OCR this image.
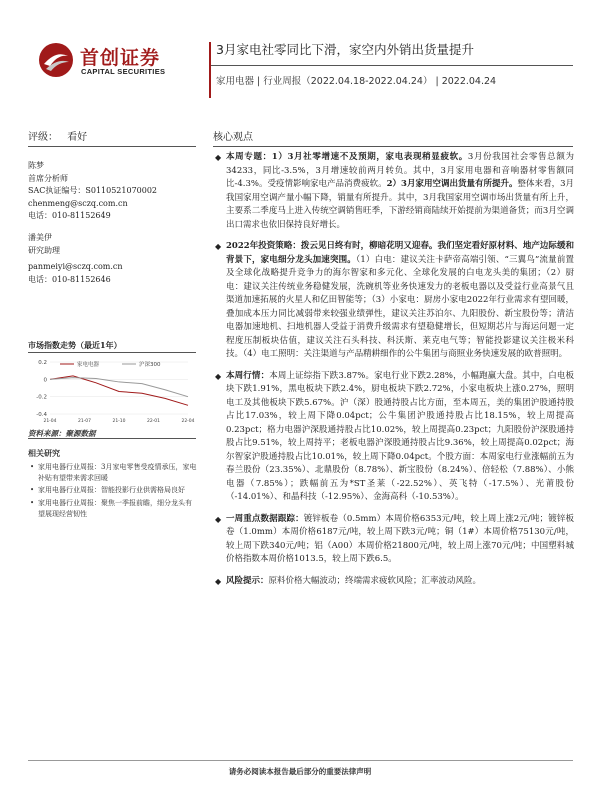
首创证券
CAPITAL SECURITIES
3月家电社零同比下滑，家空内外销出货量提升
家用电器 | 行业周报（2022.04.18-2022.04.24） | 2022.04.24
评级： 看好
陈梦
首席分析师
SAC执证编号：S0110521070002
chenmeng@sczq.com.cn
电话：010-81152649
潘美伊
研究助理
panmeiyi@sczq.com.cn
电话：010-81152646
市场指数走势（最近1年）
0.2
0
-0.2
-0.4
21-04	21-07	21-10	22-01	22-04
家电电器	沪深300
资料来源：聚源数据
相关研究
• 家用电器行业周报：3月家电零售受疫情承压，家电补贴有望带来需求回暖
• 家用电器行业周报：智能投影行业供需格局良好
• 家用电器行业周报：聚焦一季报前瞻，细分龙头有望展现经营韧性
核心观点
◆ 本周专题：1）3月社零增速不及预期，家电表现稍显疲软。3月份我国社会零售总额为34233，同比-3.5%，3月增速较前两月转负。其中，3月家用电器和音响器材零售额同比-4.3%。受疫情影响家电产品消费疲软。2）3月家用空调出货量有所提升。整体来看，3月我国家用空调产量小幅下降，销量有所提升。其中，3月我国家用空调市场出货量有所上升，主要系二季度马上进入传统空调销售旺季，下游经销商陆续开始提前为渠道备货；而3月空调出口需求也依旧保持良好增长。
◆ 2022年投资策略：拨云见日终有时，柳暗花明又迎春。我们坚定看好原材料、地产边际缓和背景下，家电细分龙头加速突围。（1）白电：建议关注卡萨帝高端引领、“三翼鸟”流量前置及全球化战略提升竞争力的海尔智家和多元化、全球化发展的白电龙头美的集团；（2）厨电：建议关注传统业务稳健发展，洗碗机等业务快速发力的老板电器以及受益行业高景气且渠道加速拓展的火星人和亿田智能等；（3）小家电：厨房小家电2022年行业需求有望回暖，叠加成本压力同比减弱带来较强业绩弹性，建议关注苏泊尔、九阳股份、新宝股份等；清洁电器加速地机、扫地机器人受益于消费升级需求有望稳健增长，但短期芯片与海运问题一定程度压制板块估值，建议关注石头科技、科沃斯、莱克电气等；智能投影建议关注极米科技。（4）电工照明：关注渠道与产品精耕细作的公牛集团与商照业务快速发展的欧普照明。
◆ 本周行情：本周上证综指下跌3.87%。家电行业下跌2.28%，小幅跑赢大盘。其中，白电板块下跌1.91%，黑电板块下跌2.4%，厨电板块下跌2.72%，小家电板块上涨0.27%，照明电工及其他板块下跌5.67%。沪（深）股通持股占比方面，至本周五，美的集团沪股通持股占比17.03%，较上周下降0.04pct；公牛集团沪股通持股占比18.15%，较上周提高0.23pct；格力电器沪深股通持股占比10.02%，较上周提高0.23pct；九阳股份沪深股通持股占比9.51%，较上周持平；老板电器沪深股通持股占比9.36%，较上周提高0.02pct；海尔智家沪股通持股占比10.01%，较上周下降0.04pct。个股方面：本周家电行业涨幅前五为春兰股份（23.35%）、北鼎股份（8.78%）、新宝股份（8.24%）、倍轻松（7.88%）、小熊电器（7.85%）；跌幅前五为*ST圣莱（-22.52%）、英飞特（-17.5%）、光莆股份（-14.01%）、和晶科技（-12.95%）、金海高科（-10.53%）。
◆ 一周重点数据跟踪：镀锌板卷（0.5mm）本周价格6353元/吨，较上周上涨2元/吨；镀锌板卷（1.0mm）本周价格6187元/吨，较上周下跌3元/吨；铜（1#）本周价格75130元/吨，较上周下跌340元/吨；铝（A00）本周价格21800元/吨，较上周上涨70元/吨；中国塑料城价格指数本周价格1013.5，较上周下跌6.5。
◆ 风险提示：原料价格大幅波动；终端需求疲软风险；汇率波动风险。
请务必阅读本报告最后部分的重要法律声明
